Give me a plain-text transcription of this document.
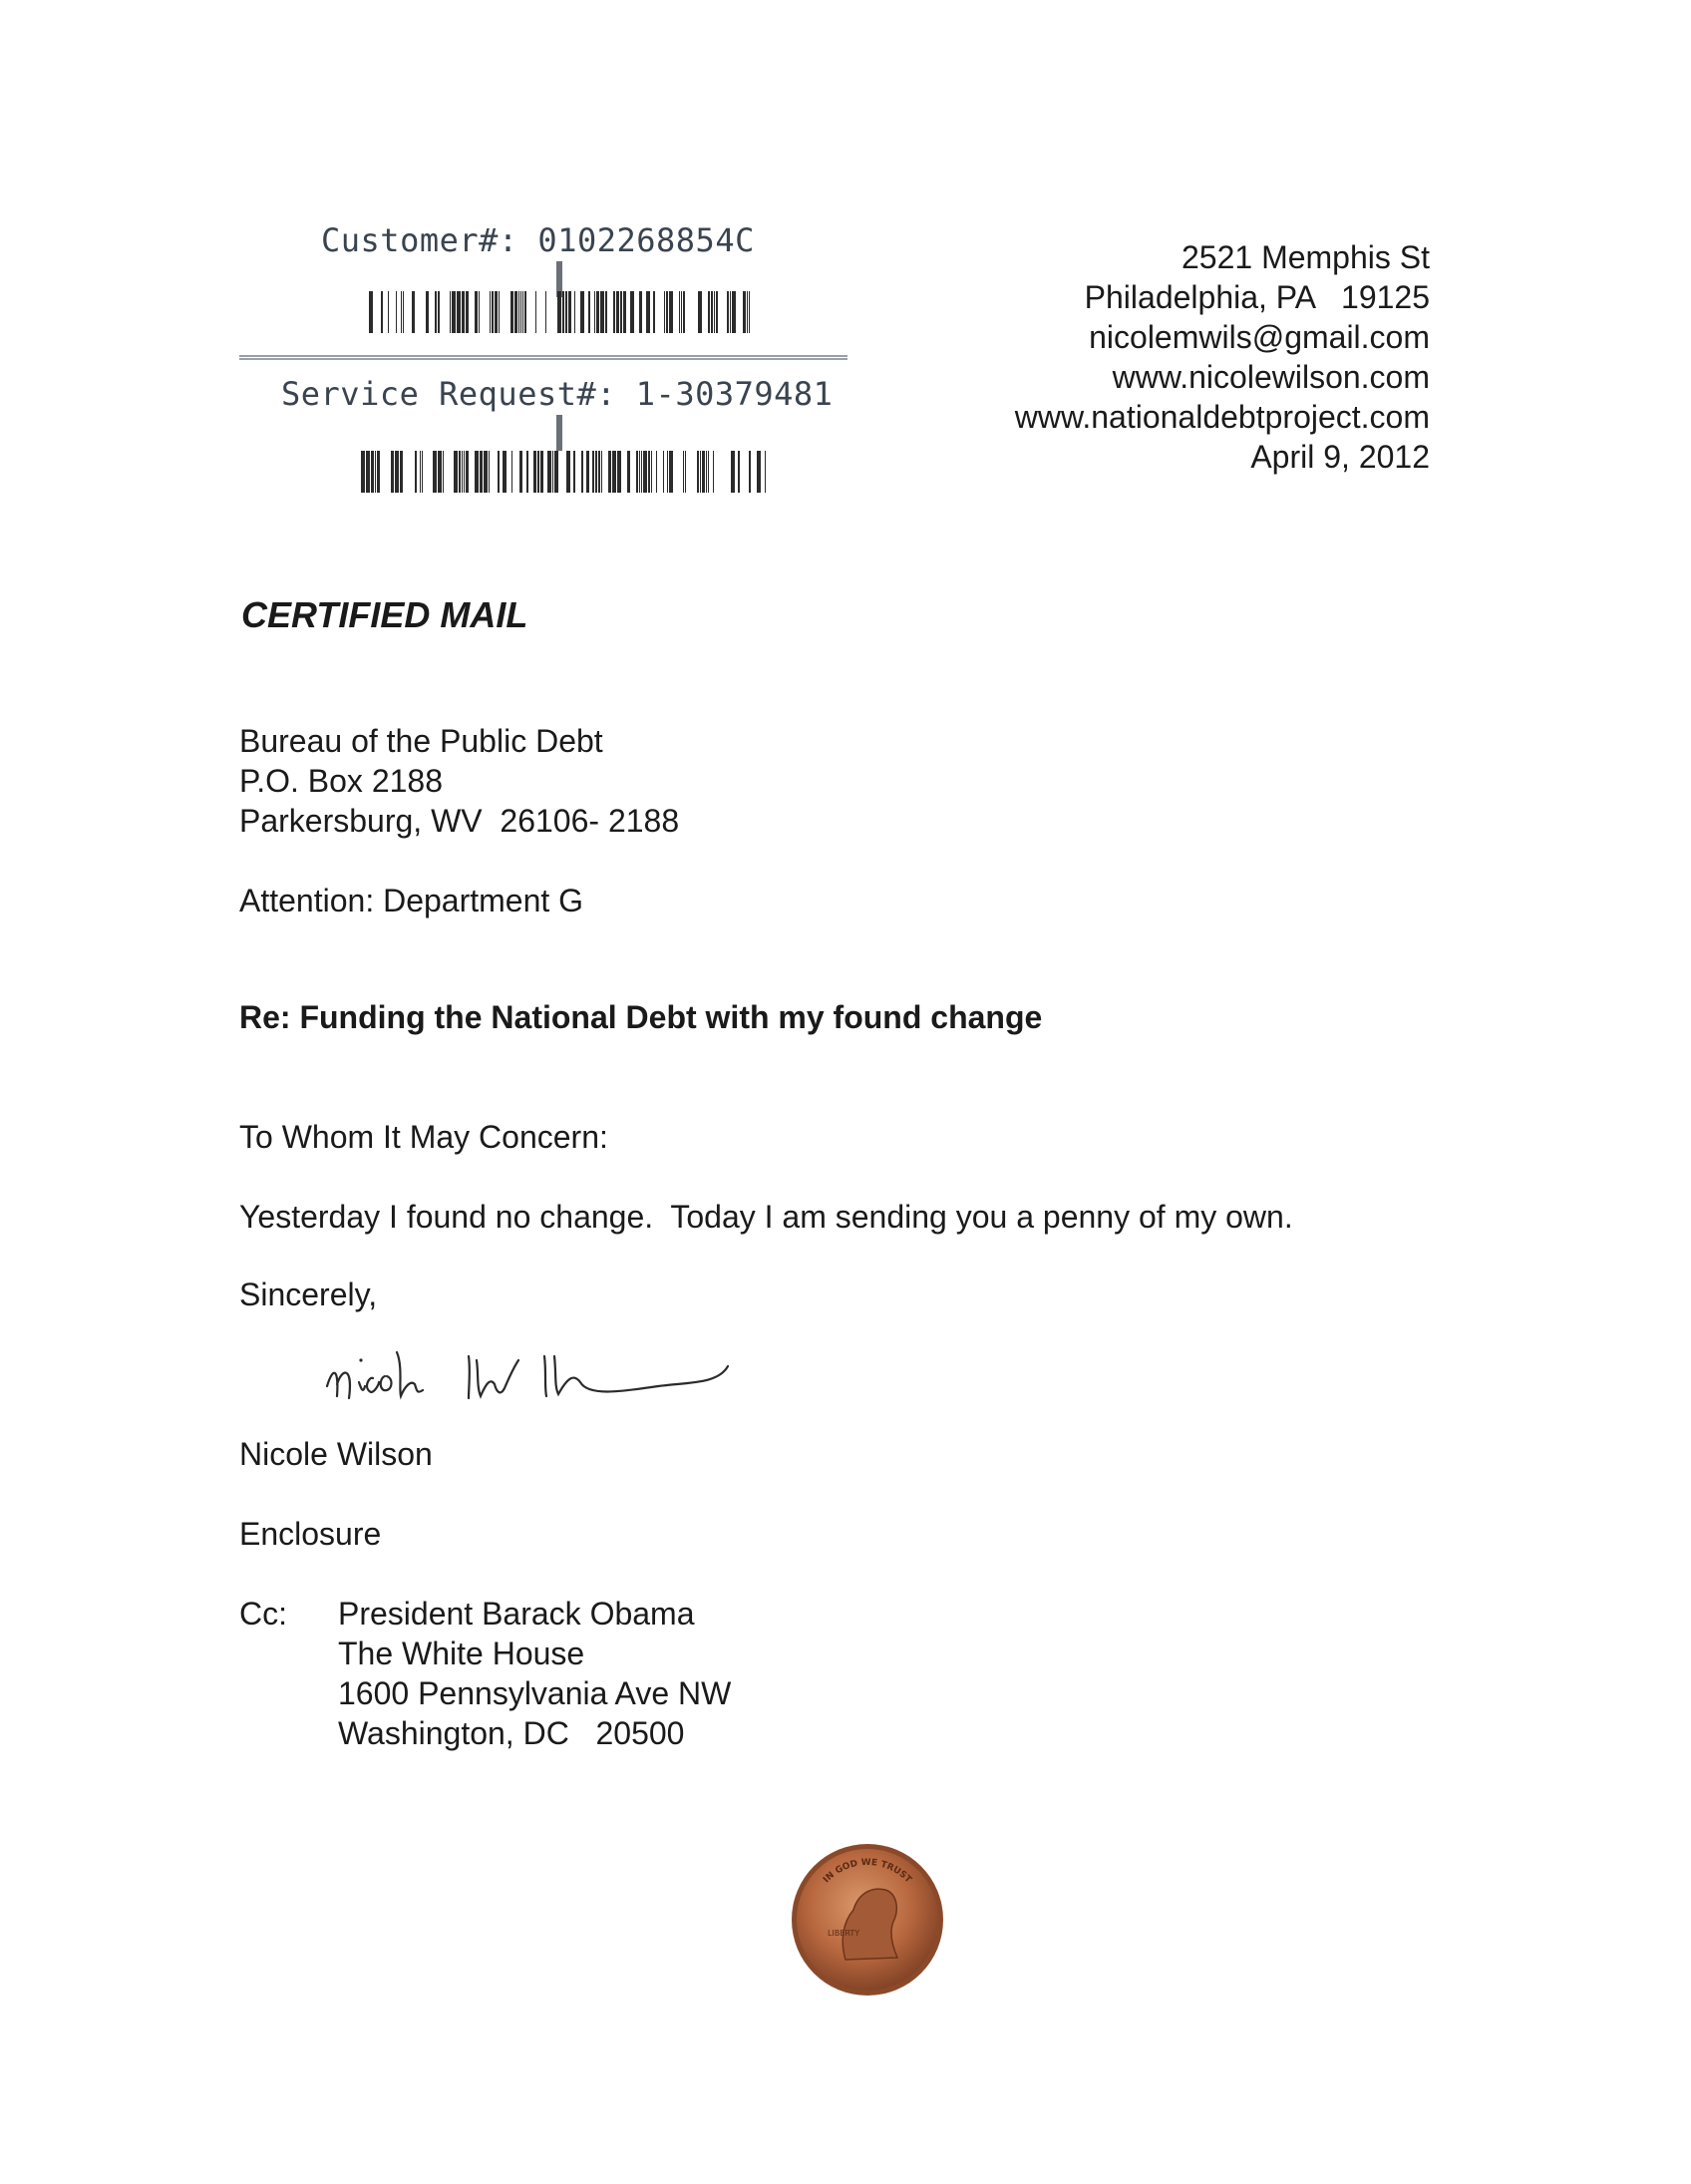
Customer#: 0102268854C
Service Request#: 1-30379481
2521 Memphis St
Philadelphia, PA   19125
nicolemwils@gmail.com
www.nicolewilson.com
www.nationaldebtproject.com
April 9, 2012
CERTIFIED MAIL
Bureau of the Public Debt
P.O. Box 2188
Parkersburg, WV  26106- 2188
Attention: Department G
Re: Funding the National Debt with my found change
To Whom It May Concern:
Yesterday I found no change.  Today I am sending you a penny of my own.
Sincerely,
Nicole Wilson
Enclosure
Cc: President Barack Obama
The White House
1600 Pennsylvania Ave NW
Washington, DC   20500
IN GOD WE TRUST
LIBERTY
